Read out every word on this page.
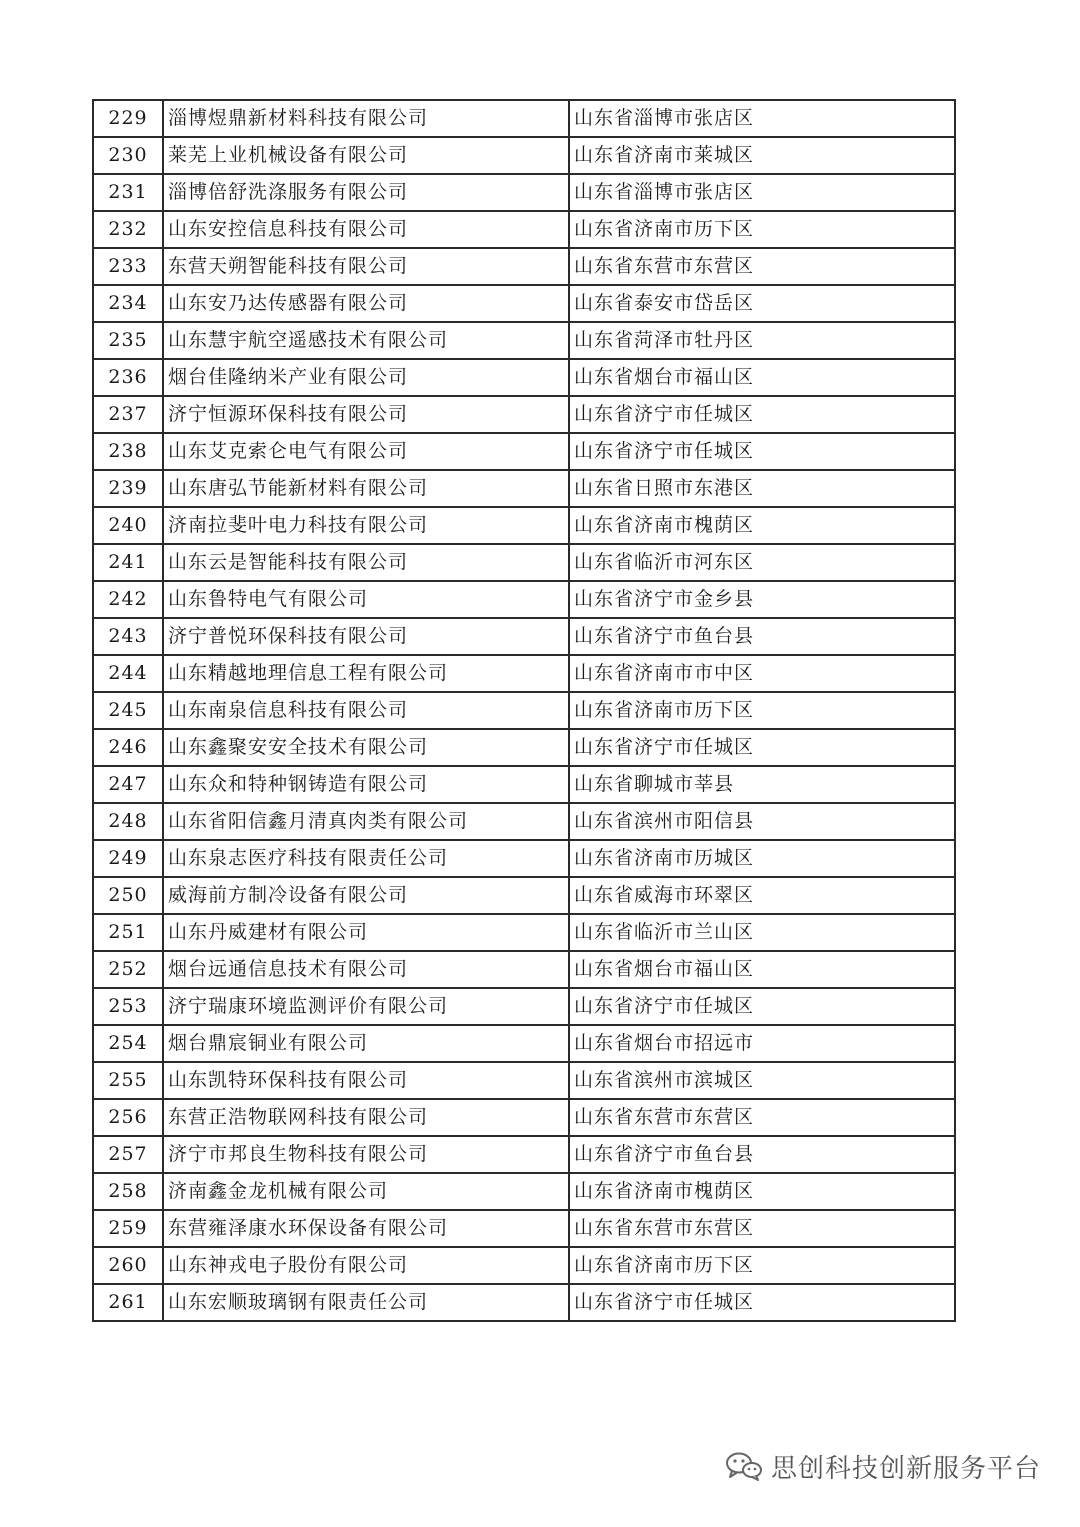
229	淄博煜鼎新材料科技有限公司	山东省淄博市张店区
230	莱芜上业机械设备有限公司	山东省济南市莱城区
231	淄博倍舒洗涤服务有限公司	山东省淄博市张店区
232	山东安控信息科技有限公司	山东省济南市历下区
233	东营天朔智能科技有限公司	山东省东营市东营区
234	山东安乃达传感器有限公司	山东省泰安市岱岳区
235	山东慧宇航空遥感技术有限公司	山东省菏泽市牡丹区
236	烟台佳隆纳米产业有限公司	山东省烟台市福山区
237	济宁恒源环保科技有限公司	山东省济宁市任城区
238	山东艾克索仑电气有限公司	山东省济宁市任城区
239	山东唐弘节能新材料有限公司	山东省日照市东港区
240	济南拉斐叶电力科技有限公司	山东省济南市槐荫区
241	山东云是智能科技有限公司	山东省临沂市河东区
242	山东鲁特电气有限公司	山东省济宁市金乡县
243	济宁普悦环保科技有限公司	山东省济宁市鱼台县
244	山东精越地理信息工程有限公司	山东省济南市市中区
245	山东南泉信息科技有限公司	山东省济南市历下区
246	山东鑫聚安安全技术有限公司	山东省济宁市任城区
247	山东众和特种钢铸造有限公司	山东省聊城市莘县
248	山东省阳信鑫月清真肉类有限公司	山东省滨州市阳信县
249	山东泉志医疗科技有限责任公司	山东省济南市历城区
250	威海前方制冷设备有限公司	山东省威海市环翠区
251	山东丹威建材有限公司	山东省临沂市兰山区
252	烟台远通信息技术有限公司	山东省烟台市福山区
253	济宁瑞康环境监测评价有限公司	山东省济宁市任城区
254	烟台鼎宸铜业有限公司	山东省烟台市招远市
255	山东凯特环保科技有限公司	山东省滨州市滨城区
256	东营正浩物联网科技有限公司	山东省东营市东营区
257	济宁市邦良生物科技有限公司	山东省济宁市鱼台县
258	济南鑫金龙机械有限公司	山东省济南市槐荫区
259	东营雍泽康水环保设备有限公司	山东省东营市东营区
260	山东神戎电子股份有限公司	山东省济南市历下区
261	山东宏顺玻璃钢有限责任公司	山东省济宁市任城区
思创科技创新服务平台
